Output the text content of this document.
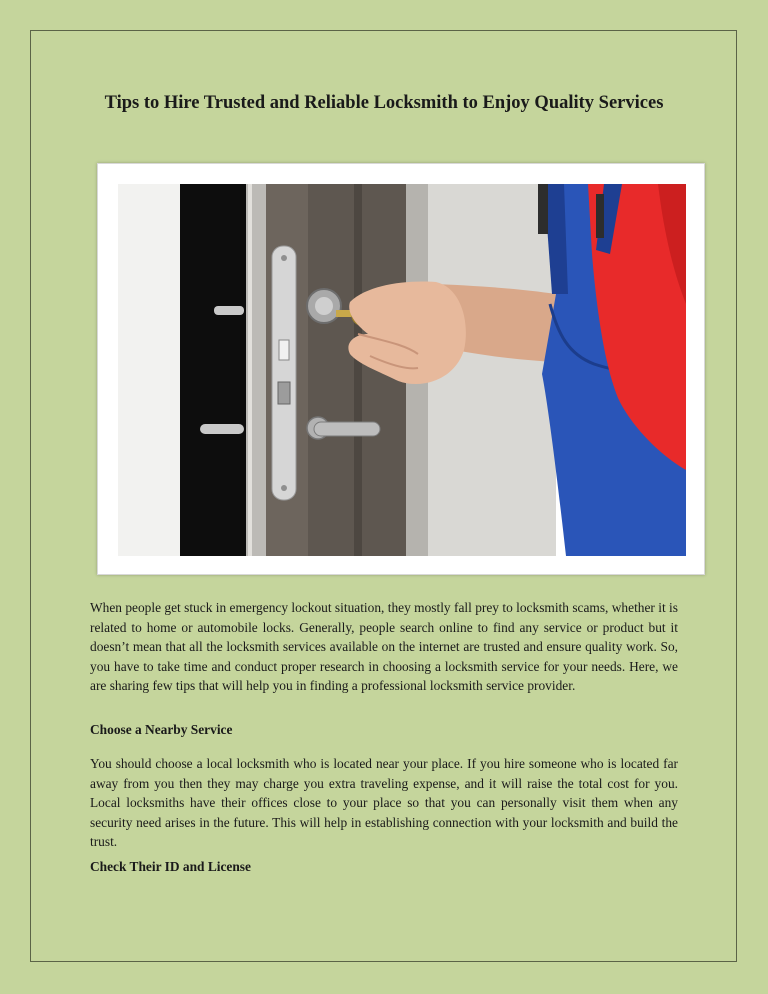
Tips to Hire Trusted and Reliable Locksmith to Enjoy Quality Services

When people get stuck in emergency lockout situation, they mostly fall prey to locksmith scams, whether it is related to home or automobile locks. Generally, people search online to find any service or product but it doesn’t mean that all the locksmith services available on the internet are trusted and ensure quality work. So, you have to take time and conduct proper research in choosing a locksmith service for your needs. Here, we are sharing few tips that will help you in finding a professional locksmith service provider.

Choose a Nearby Service

You should choose a local locksmith who is located near your place. If you hire someone who is located far away from you then they may charge you extra traveling expense, and it will raise the total cost for you. Local locksmiths have their offices close to your place so that you can personally visit them when any security need arises in the future. This will help in establishing connection with your locksmith and build the trust.

Check Their ID and License
